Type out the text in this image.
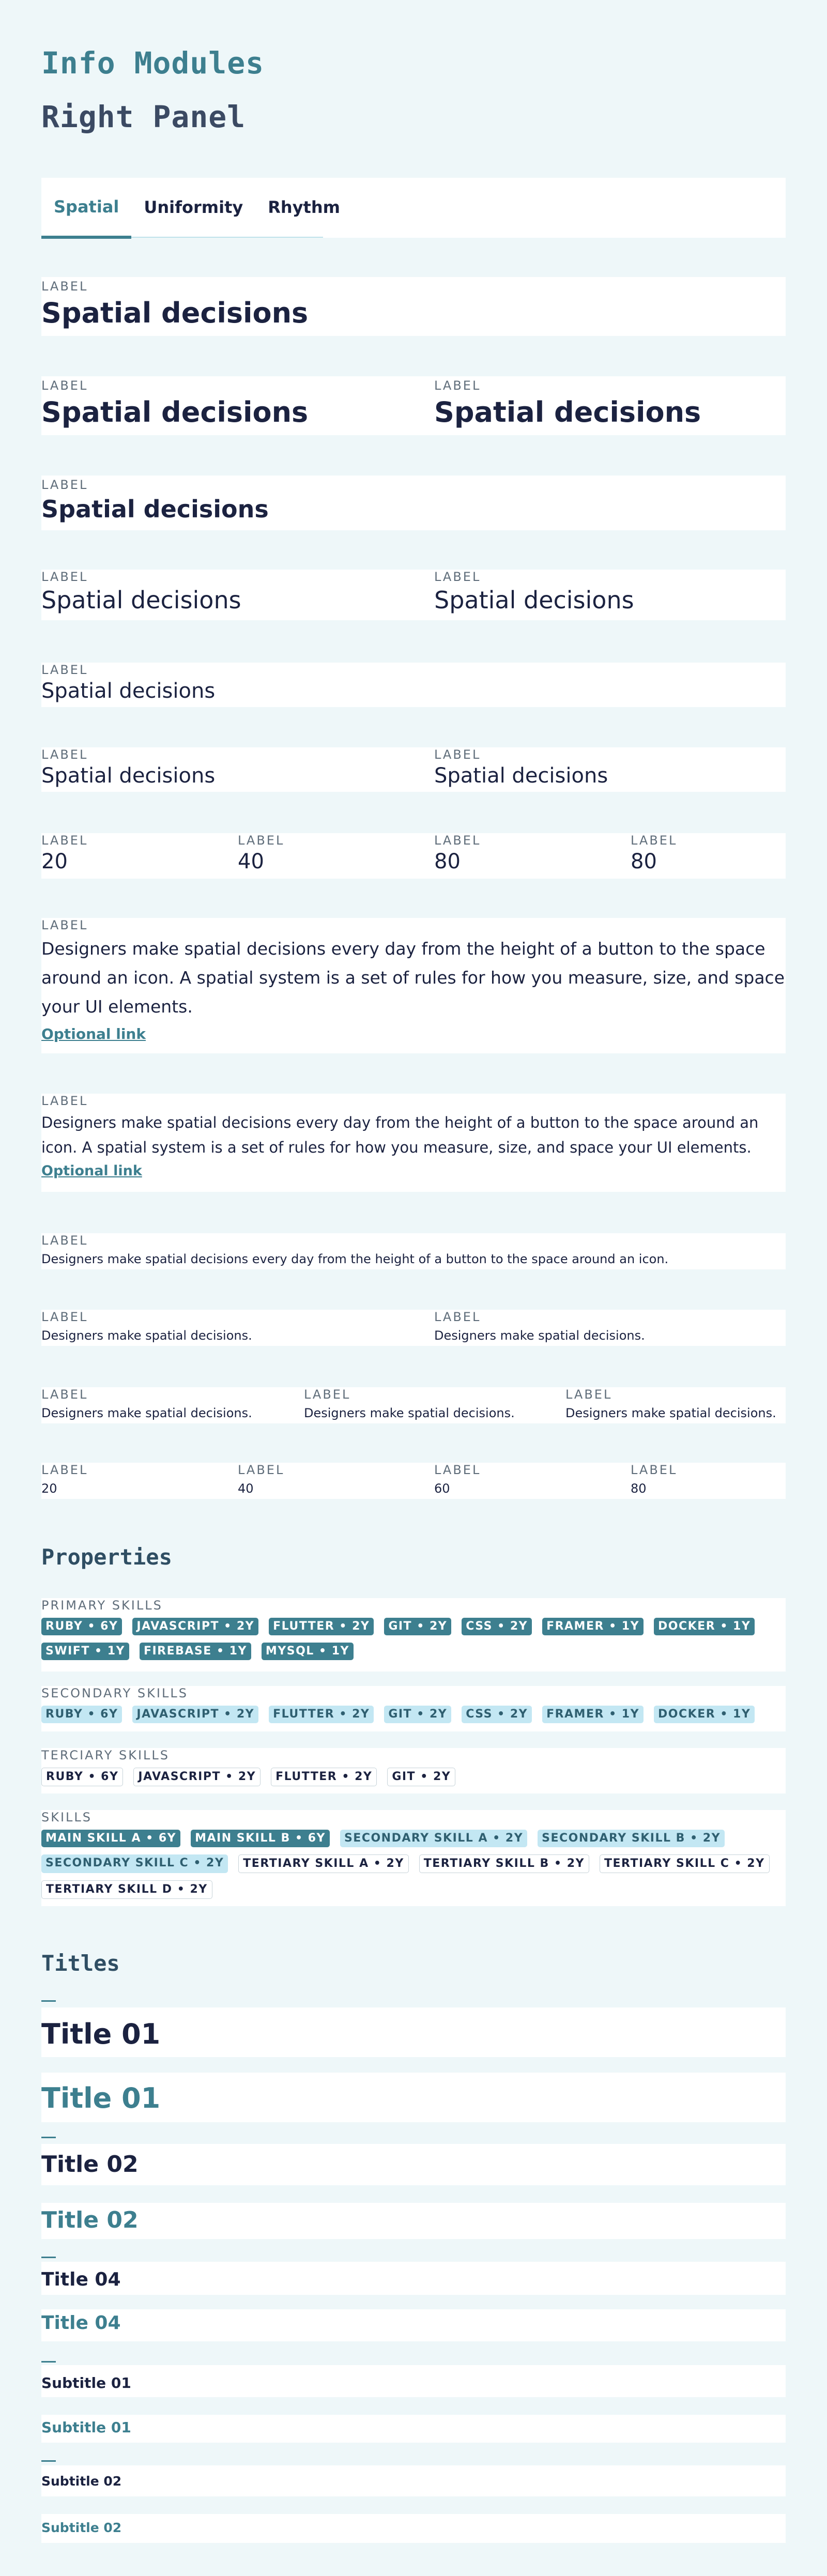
Info Modules
Right Panel
Spatial	Uniformity	Rhythm
LABEL
Spatial decisions
LABEL
Spatial decisions
LABEL
Spatial decisions
LABEL
Spatial decisions
LABEL
Spatial decisions
LABEL
Spatial decisions
LABEL
Spatial decisions
LABEL
Spatial decisions
LABEL
Spatial decisions
LABEL
20
LABEL
40
LABEL
80
LABEL
80
LABEL
Designers make spatial decisions every day from the height of a button to the space around an icon. A spatial system is a set of rules for how you measure, size, and space your UI elements.
Optional link
LABEL
Designers make spatial decisions every day from the height of a button to the space around an icon. A spatial system is a set of rules for how you measure, size, and space your UI elements.
Optional link
LABEL
Designers make spatial decisions every day from the height of a button to the space around an icon.
LABEL
Designers make spatial decisions.
LABEL
Designers make spatial decisions.
LABEL
Designers make spatial decisions.
LABEL
Designers make spatial decisions.
LABEL
Designers make spatial decisions.
LABEL
20
LABEL
40
LABEL
60
LABEL
80
Properties
PRIMARY SKILLS
RUBY • 6Y	JAVASCRIPT • 2Y	FLUTTER • 2Y	GIT • 2Y	CSS • 2Y	FRAMER • 1Y	DOCKER • 1Y
SWIFT • 1Y	FIREBASE • 1Y	MYSQL • 1Y
SECONDARY SKILLS
RUBY • 6Y	JAVASCRIPT • 2Y	FLUTTER • 2Y	GIT • 2Y	CSS • 2Y	FRAMER • 1Y	DOCKER • 1Y
TERCIARY SKILLS
RUBY • 6Y	JAVASCRIPT • 2Y	FLUTTER • 2Y	GIT • 2Y
SKILLS
MAIN SKILL A • 6Y	MAIN SKILL B • 6Y	SECONDARY SKILL A • 2Y	SECONDARY SKILL B • 2Y
SECONDARY SKILL C • 2Y	TERTIARY SKILL A • 2Y	TERTIARY SKILL B • 2Y	TERTIARY SKILL C • 2Y
TERTIARY SKILL D • 2Y
Titles
Title 01
Title 01
Title 02
Title 02
Title 04
Title 04
Subtitle 01
Subtitle 01
Subtitle 02
Subtitle 02
